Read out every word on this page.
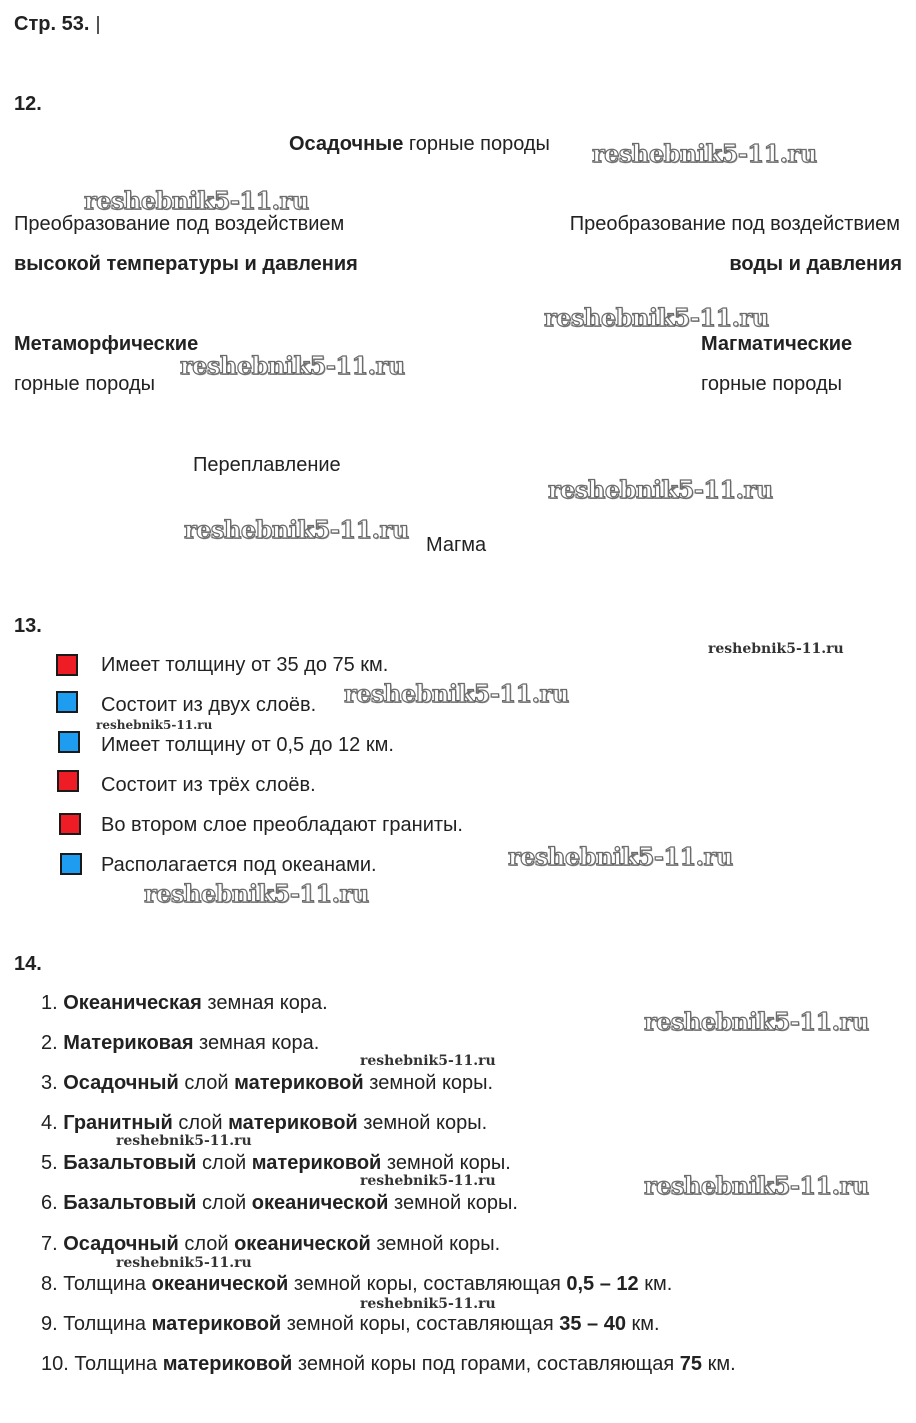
Стр. 53.
12.
Осадочные горные породы
Преобразование под воздействием
высокой температуры и давления
Преобразование под воздействием
воды и давления
Метаморфические
горные породы
Магматические
горные породы
Переплавление
Магма
13.
Имеет толщину от 35 до 75 км.
Состоит из двух слоёв.
Имеет толщину от 0,5 до 12 км.
Состоит из трёх слоёв.
Во втором слое преобладают граниты.
Располагается под океанами.
14.
1. Океаническая земная кора.
2. Материковая земная кора.
3. Осадочный слой материковой земной коры.
4. Гранитный слой материковой земной коры.
5. Базальтовый слой материковой земной коры.
6. Базальтовый слой океанической земной коры.
7. Осадочный слой океанической земной коры.
8. Толщина океанической земной коры, составляющая 0,5 – 12 км.
9. Толщина материковой земной коры, составляющая 35 – 40 км.
10. Толщина материковой земной коры под горами, составляющая 75 км.
reshebnik5-11.ru
reshebnik5-11.ru
reshebnik5-11.ru
reshebnik5-11.ru
reshebnik5-11.ru
reshebnik5-11.ru
reshebnik5-11.ru
reshebnik5-11.ru
reshebnik5-11.ru
reshebnik5-11.ru
reshebnik5-11.ru
reshebnik5-11.ru
reshebnik5-11.ru
reshebnik5-11.ru
reshebnik5-11.ru	reshebnik5-11.ru
reshebnik5-11.ru
reshebnik5-11.ru
